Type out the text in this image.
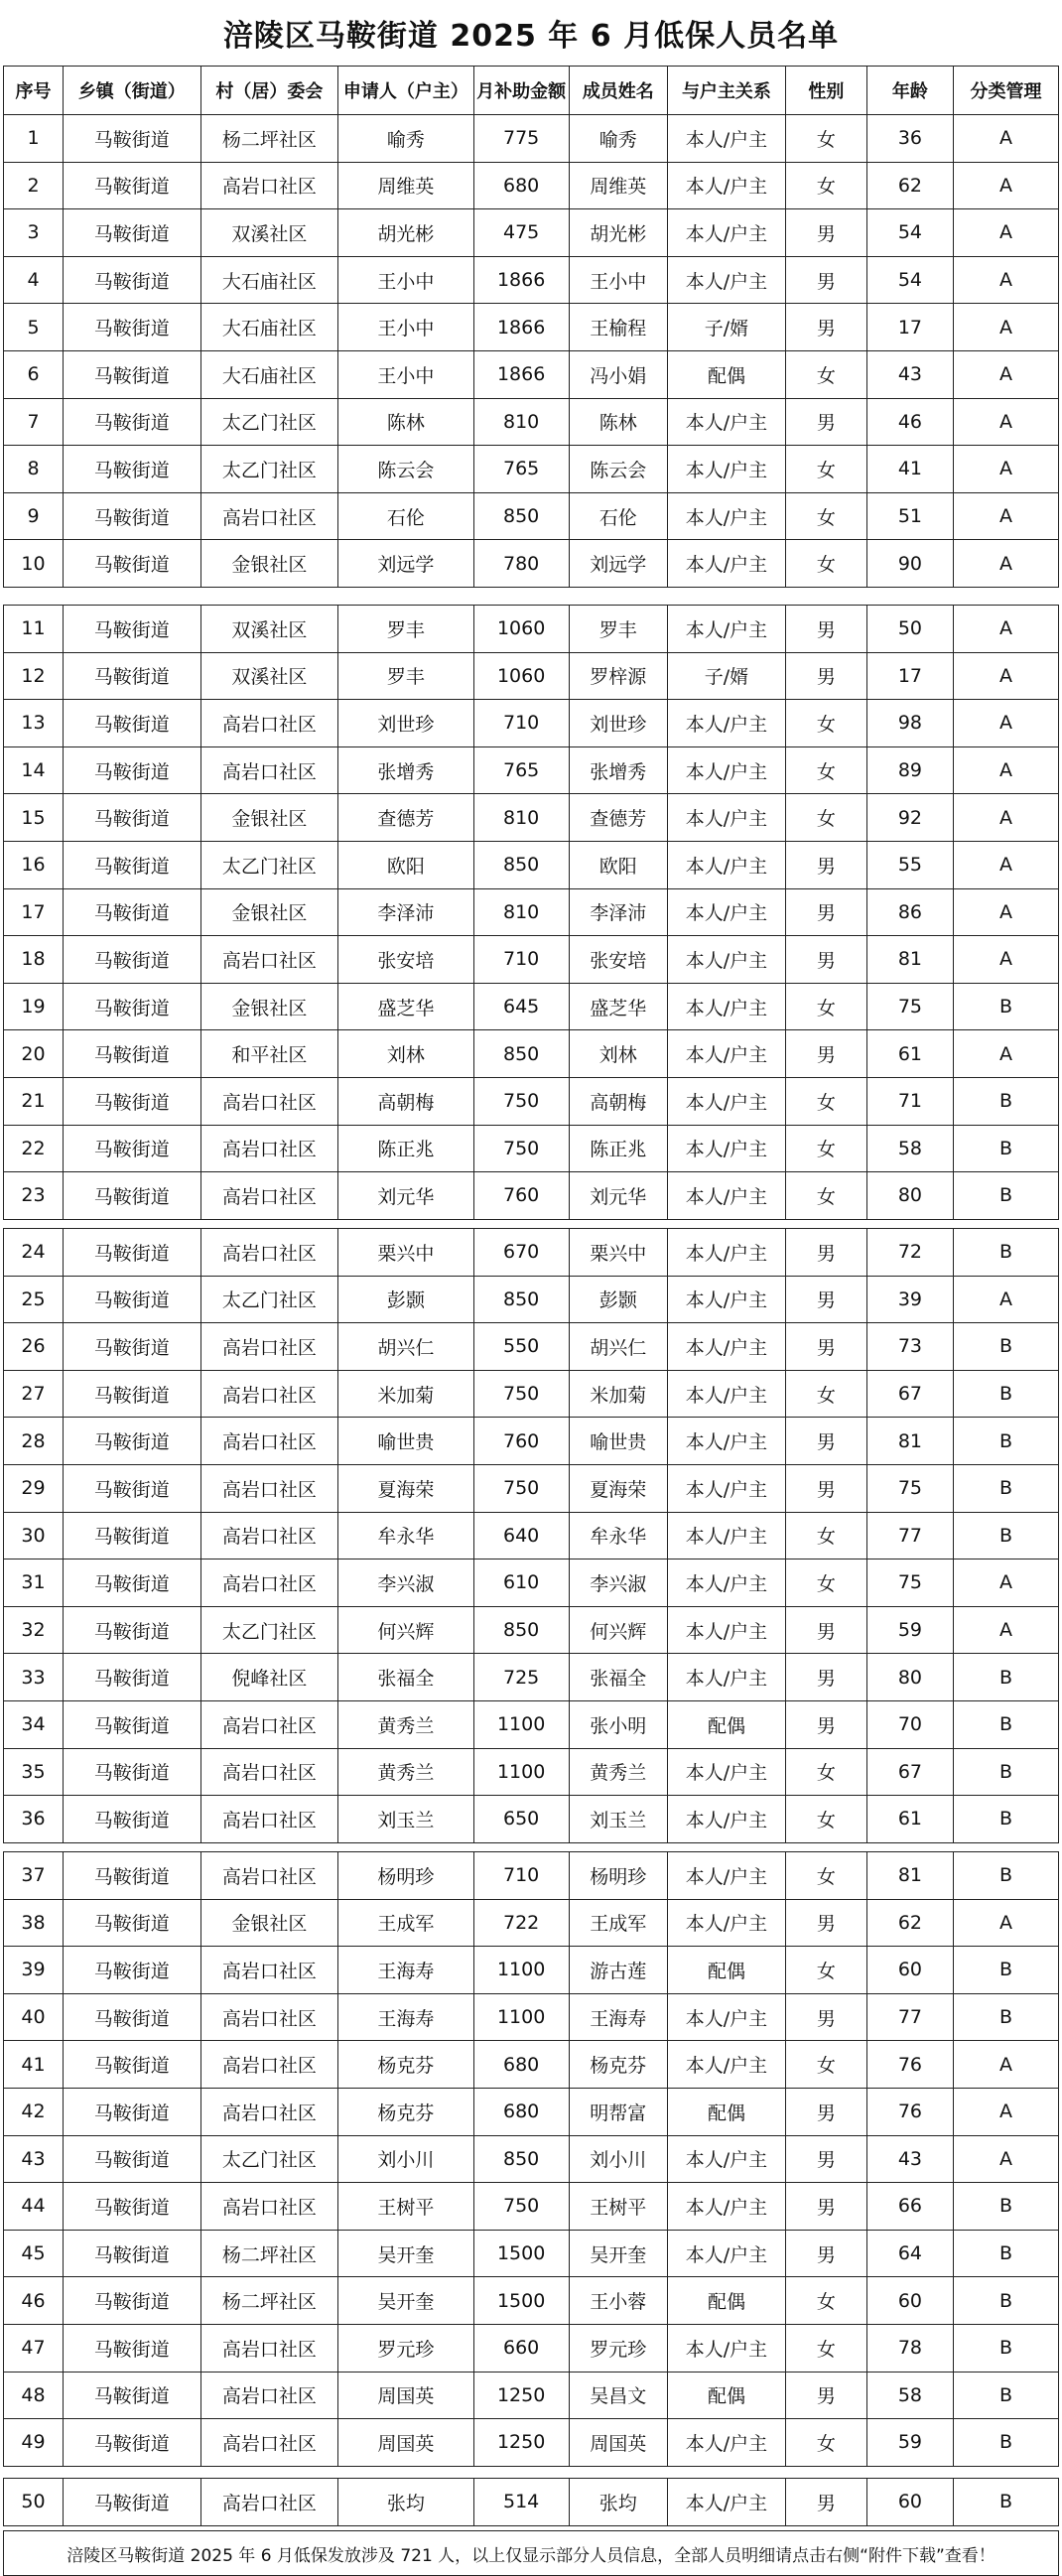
涪陵区马鞍街道 2025 年 6 月低保人员名单
序号	乡镇（街道）	村（居）委会	申请人（户主）	月补助金额	成员姓名	与户主关系	性别	年龄	分类管理
1	马鞍街道	杨二坪社区	喻秀	775	喻秀	本人/户主	女	36	A
2	马鞍街道	高岩口社区	周维英	680	周维英	本人/户主	女	62	A
3	马鞍街道	双溪社区	胡光彬	475	胡光彬	本人/户主	男	54	A
4	马鞍街道	大石庙社区	王小中	1866	王小中	本人/户主	男	54	A
5	马鞍街道	大石庙社区	王小中	1866	王榆程	子/婿	男	17	A
6	马鞍街道	大石庙社区	王小中	1866	冯小娟	配偶	女	43	A
7	马鞍街道	太乙门社区	陈林	810	陈林	本人/户主	男	46	A
8	马鞍街道	太乙门社区	陈云会	765	陈云会	本人/户主	女	41	A
9	马鞍街道	高岩口社区	石伦	850	石伦	本人/户主	女	51	A
10	马鞍街道	金银社区	刘远学	780	刘远学	本人/户主	女	90	A
11	马鞍街道	双溪社区	罗丰	1060	罗丰	本人/户主	男	50	A
12	马鞍街道	双溪社区	罗丰	1060	罗梓源	子/婿	男	17	A
13	马鞍街道	高岩口社区	刘世珍	710	刘世珍	本人/户主	女	98	A
14	马鞍街道	高岩口社区	张增秀	765	张增秀	本人/户主	女	89	A
15	马鞍街道	金银社区	查德芳	810	查德芳	本人/户主	女	92	A
16	马鞍街道	太乙门社区	欧阳	850	欧阳	本人/户主	男	55	A
17	马鞍街道	金银社区	李泽沛	810	李泽沛	本人/户主	男	86	A
18	马鞍街道	高岩口社区	张安培	710	张安培	本人/户主	男	81	A
19	马鞍街道	金银社区	盛芝华	645	盛芝华	本人/户主	女	75	B
20	马鞍街道	和平社区	刘林	850	刘林	本人/户主	男	61	A
21	马鞍街道	高岩口社区	高朝梅	750	高朝梅	本人/户主	女	71	B
22	马鞍街道	高岩口社区	陈正兆	750	陈正兆	本人/户主	女	58	B
23	马鞍街道	高岩口社区	刘元华	760	刘元华	本人/户主	女	80	B
24	马鞍街道	高岩口社区	栗兴中	670	栗兴中	本人/户主	男	72	B
25	马鞍街道	太乙门社区	彭颢	850	彭颢	本人/户主	男	39	A
26	马鞍街道	高岩口社区	胡兴仁	550	胡兴仁	本人/户主	男	73	B
27	马鞍街道	高岩口社区	米加菊	750	米加菊	本人/户主	女	67	B
28	马鞍街道	高岩口社区	喻世贵	760	喻世贵	本人/户主	男	81	B
29	马鞍街道	高岩口社区	夏海荣	750	夏海荣	本人/户主	男	75	B
30	马鞍街道	高岩口社区	牟永华	640	牟永华	本人/户主	女	77	B
31	马鞍街道	高岩口社区	李兴淑	610	李兴淑	本人/户主	女	75	A
32	马鞍街道	太乙门社区	何兴辉	850	何兴辉	本人/户主	男	59	A
33	马鞍街道	倪峰社区	张福全	725	张福全	本人/户主	男	80	B
34	马鞍街道	高岩口社区	黄秀兰	1100	张小明	配偶	男	70	B
35	马鞍街道	高岩口社区	黄秀兰	1100	黄秀兰	本人/户主	女	67	B
36	马鞍街道	高岩口社区	刘玉兰	650	刘玉兰	本人/户主	女	61	B
37	马鞍街道	高岩口社区	杨明珍	710	杨明珍	本人/户主	女	81	B
38	马鞍街道	金银社区	王成军	722	王成军	本人/户主	男	62	A
39	马鞍街道	高岩口社区	王海寿	1100	游古莲	配偶	女	60	B
40	马鞍街道	高岩口社区	王海寿	1100	王海寿	本人/户主	男	77	B
41	马鞍街道	高岩口社区	杨克芬	680	杨克芬	本人/户主	女	76	A
42	马鞍街道	高岩口社区	杨克芬	680	明帮富	配偶	男	76	A
43	马鞍街道	太乙门社区	刘小川	850	刘小川	本人/户主	男	43	A
44	马鞍街道	高岩口社区	王树平	750	王树平	本人/户主	男	66	B
45	马鞍街道	杨二坪社区	吴开奎	1500	吴开奎	本人/户主	男	64	B
46	马鞍街道	杨二坪社区	吴开奎	1500	王小蓉	配偶	女	60	B
47	马鞍街道	高岩口社区	罗元珍	660	罗元珍	本人/户主	女	78	B
48	马鞍街道	高岩口社区	周国英	1250	吴昌文	配偶	男	58	B
49	马鞍街道	高岩口社区	周国英	1250	周国英	本人/户主	女	59	B
50	马鞍街道	高岩口社区	张均	514	张均	本人/户主	男	60	B
涪陵区马鞍街道 2025 年 6 月低保发放涉及 721 人，以上仅显示部分人员信息，全部人员明细请点击右侧“附件下载”查看！
